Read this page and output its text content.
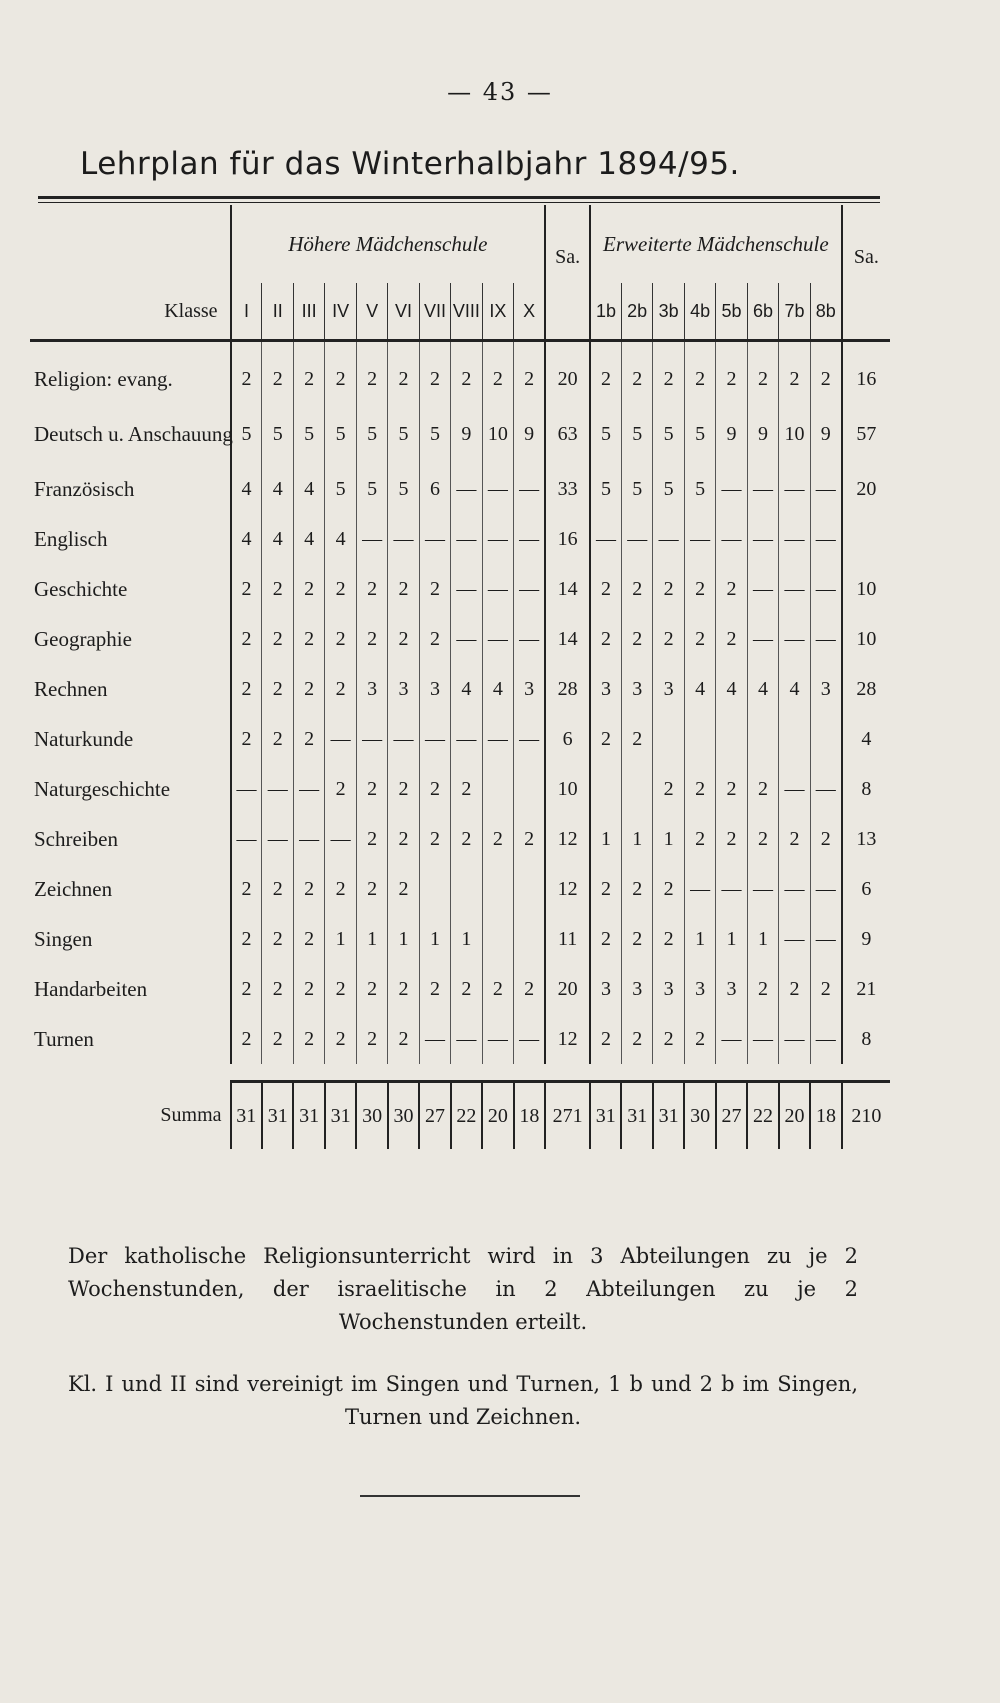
— 43 —
Lehrplan für das Winterhalbjahr 1894/95.
	Höhere Mädchenschule										Sa.	Erweiterte Mädchenschule								Sa.
Klasse	I	II	III	IV	V	VI	VII	VIII	IX	X		1b	2b	3b	4b	5b	6b	7b	8b	
Religion: evang.	2	2	2	2	2	2	2	2	2	2	20	2	2	2	2	2	2	2	2	16
Deutsch u. Anschauung	5	5	5	5	5	5	5	9	10	9	63	5	5	5	5	9	9	10	9	57
Französisch	4	4	4	5	5	5	6	—	—	—	33	5	5	5	5	—	—	—	—	20
Englisch	4	4	4	4	—	—	—	—	—	—	16	—	—	—	—	—	—	—	—	
Geschichte	2	2	2	2	2	2	2	—	—	—	14	2	2	2	2	2	—	—	—	10
Geographie	2	2	2	2	2	2	2	—	—	—	14	2	2	2	2	2	—	—	—	10
Rechnen	2	2	2	2	3	3	3	4	4	3	28	3	3	3	4	4	4	4	3	28
Naturkunde	2	2	2	—	—	—	—	—	—	—	6	2	2							4
Naturgeschichte	—	—	—	2	2	2	2	2			10			2	2	2	2	—	—	8
Schreiben	—	—	—	—	2	2	2	2	2	2	12	1	1	1	2	2	2	2	2	13
Zeichnen	2	2	2	2	2	2					12	2	2	2	—	—	—	—	—	6
Singen	2	2	2	1	1	1	1	1			11	2	2	2	1	1	1	—	—	9
Handarbeiten	2	2	2	2	2	2	2	2	2	2	20	3	3	3	3	3	2	2	2	21
Turnen	2	2	2	2	2	2	—	—	—	—	12	2	2	2	2	—	—	—	—	8

Summa	31	31	31	31	30	30	27	22	20	18	271	31	31	31	30	27	22	20	18	210
Der katholische Religionsunterricht wird in 3 Abteilungen zu je 2 Wochenstunden, der israelitische in 2 Abteilungen zu je 2 Wochenstunden erteilt.
Kl. I und II sind vereinigt im Singen und Turnen, 1 b und 2 b im Singen, Turnen und Zeichnen.
